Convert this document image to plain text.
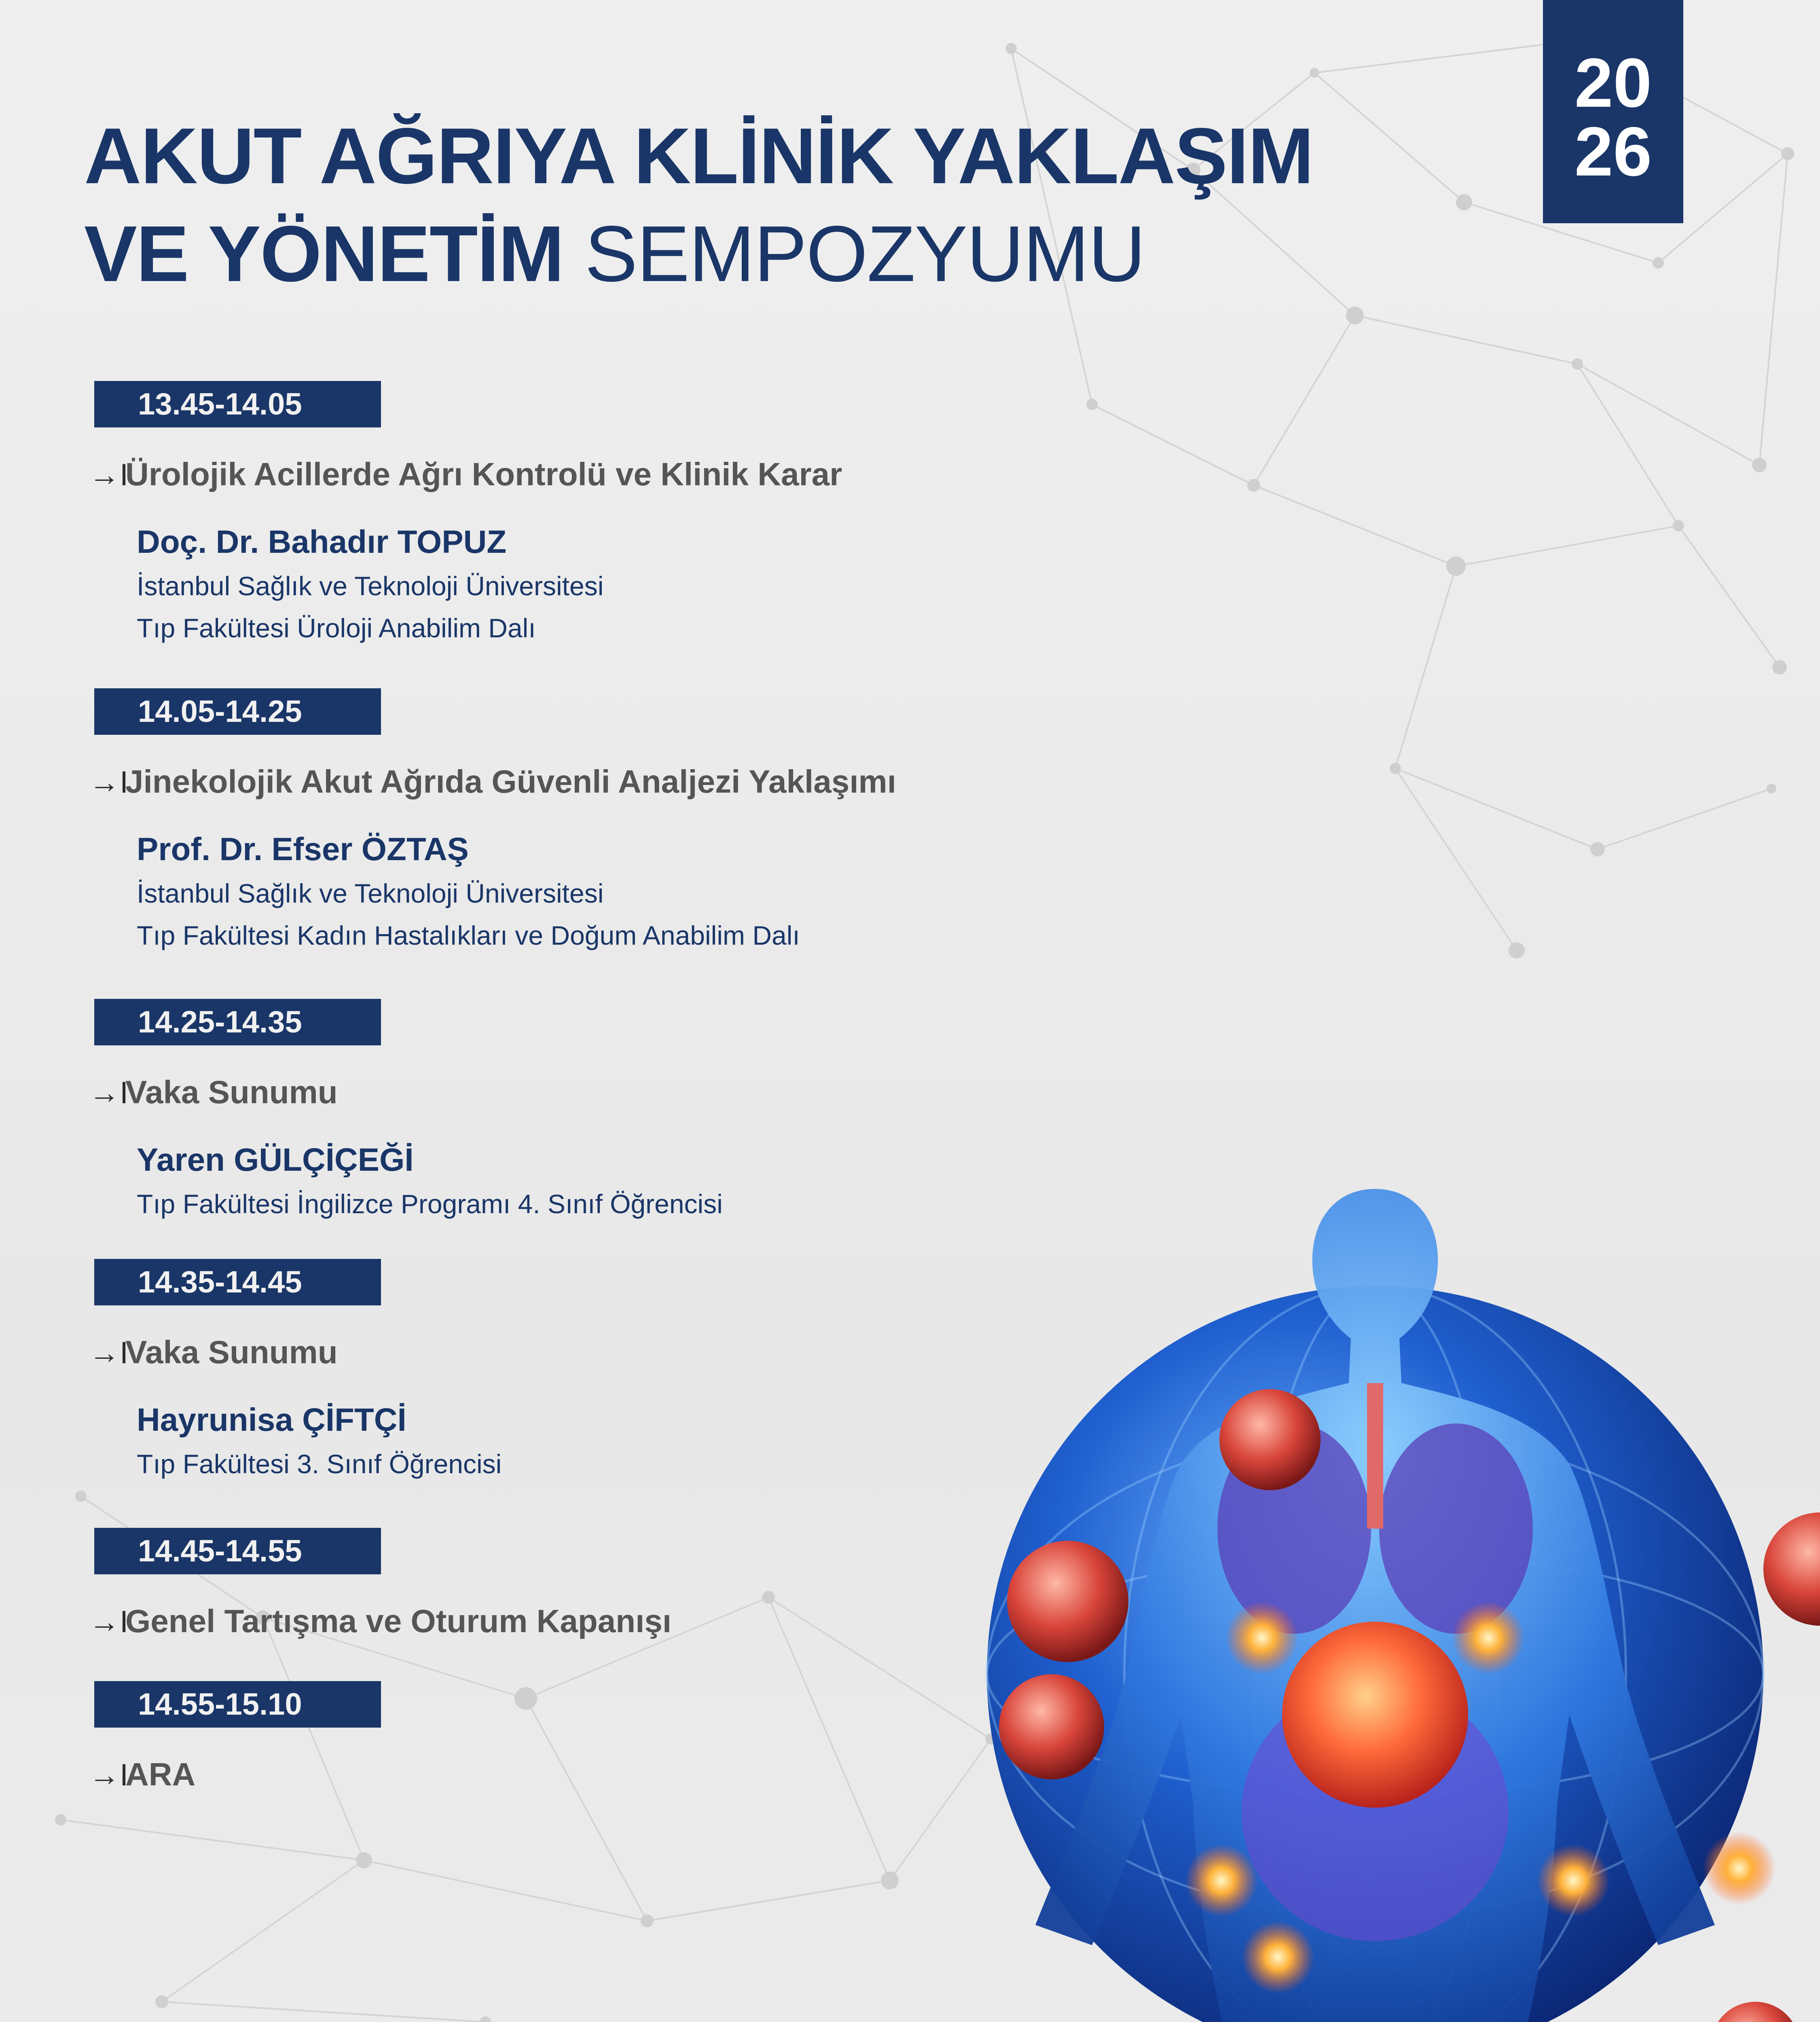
AKUT AĞRIYA KLİNİK YAKLAŞIM
VE YÖNETİM SEMPOZYUMU
20
26
13.45-14.05
→IÜrolojik Acillerde Ağrı Kontrolü ve Klinik Karar
Doç. Dr. Bahadır TOPUZ
İstanbul Sağlık ve Teknoloji Üniversitesi
Tıp Fakültesi Üroloji Anabilim Dalı
14.05-14.25
→IJinekolojik Akut Ağrıda Güvenli Analjezi Yaklaşımı
Prof. Dr. Efser ÖZTAŞ
İstanbul Sağlık ve Teknoloji Üniversitesi
Tıp Fakültesi Kadın Hastalıkları ve Doğum Anabilim Dalı
14.25-14.35
→IVaka Sunumu
Yaren GÜLÇİÇEĞİ
Tıp Fakültesi İngilizce Programı 4. Sınıf Öğrencisi
14.35-14.45
→IVaka Sunumu
Hayrunisa ÇİFTÇİ
Tıp Fakültesi 3. Sınıf Öğrencisi
14.45-14.55
→IGenel Tartışma ve Oturum Kapanışı
14.55-15.10
→IARA
